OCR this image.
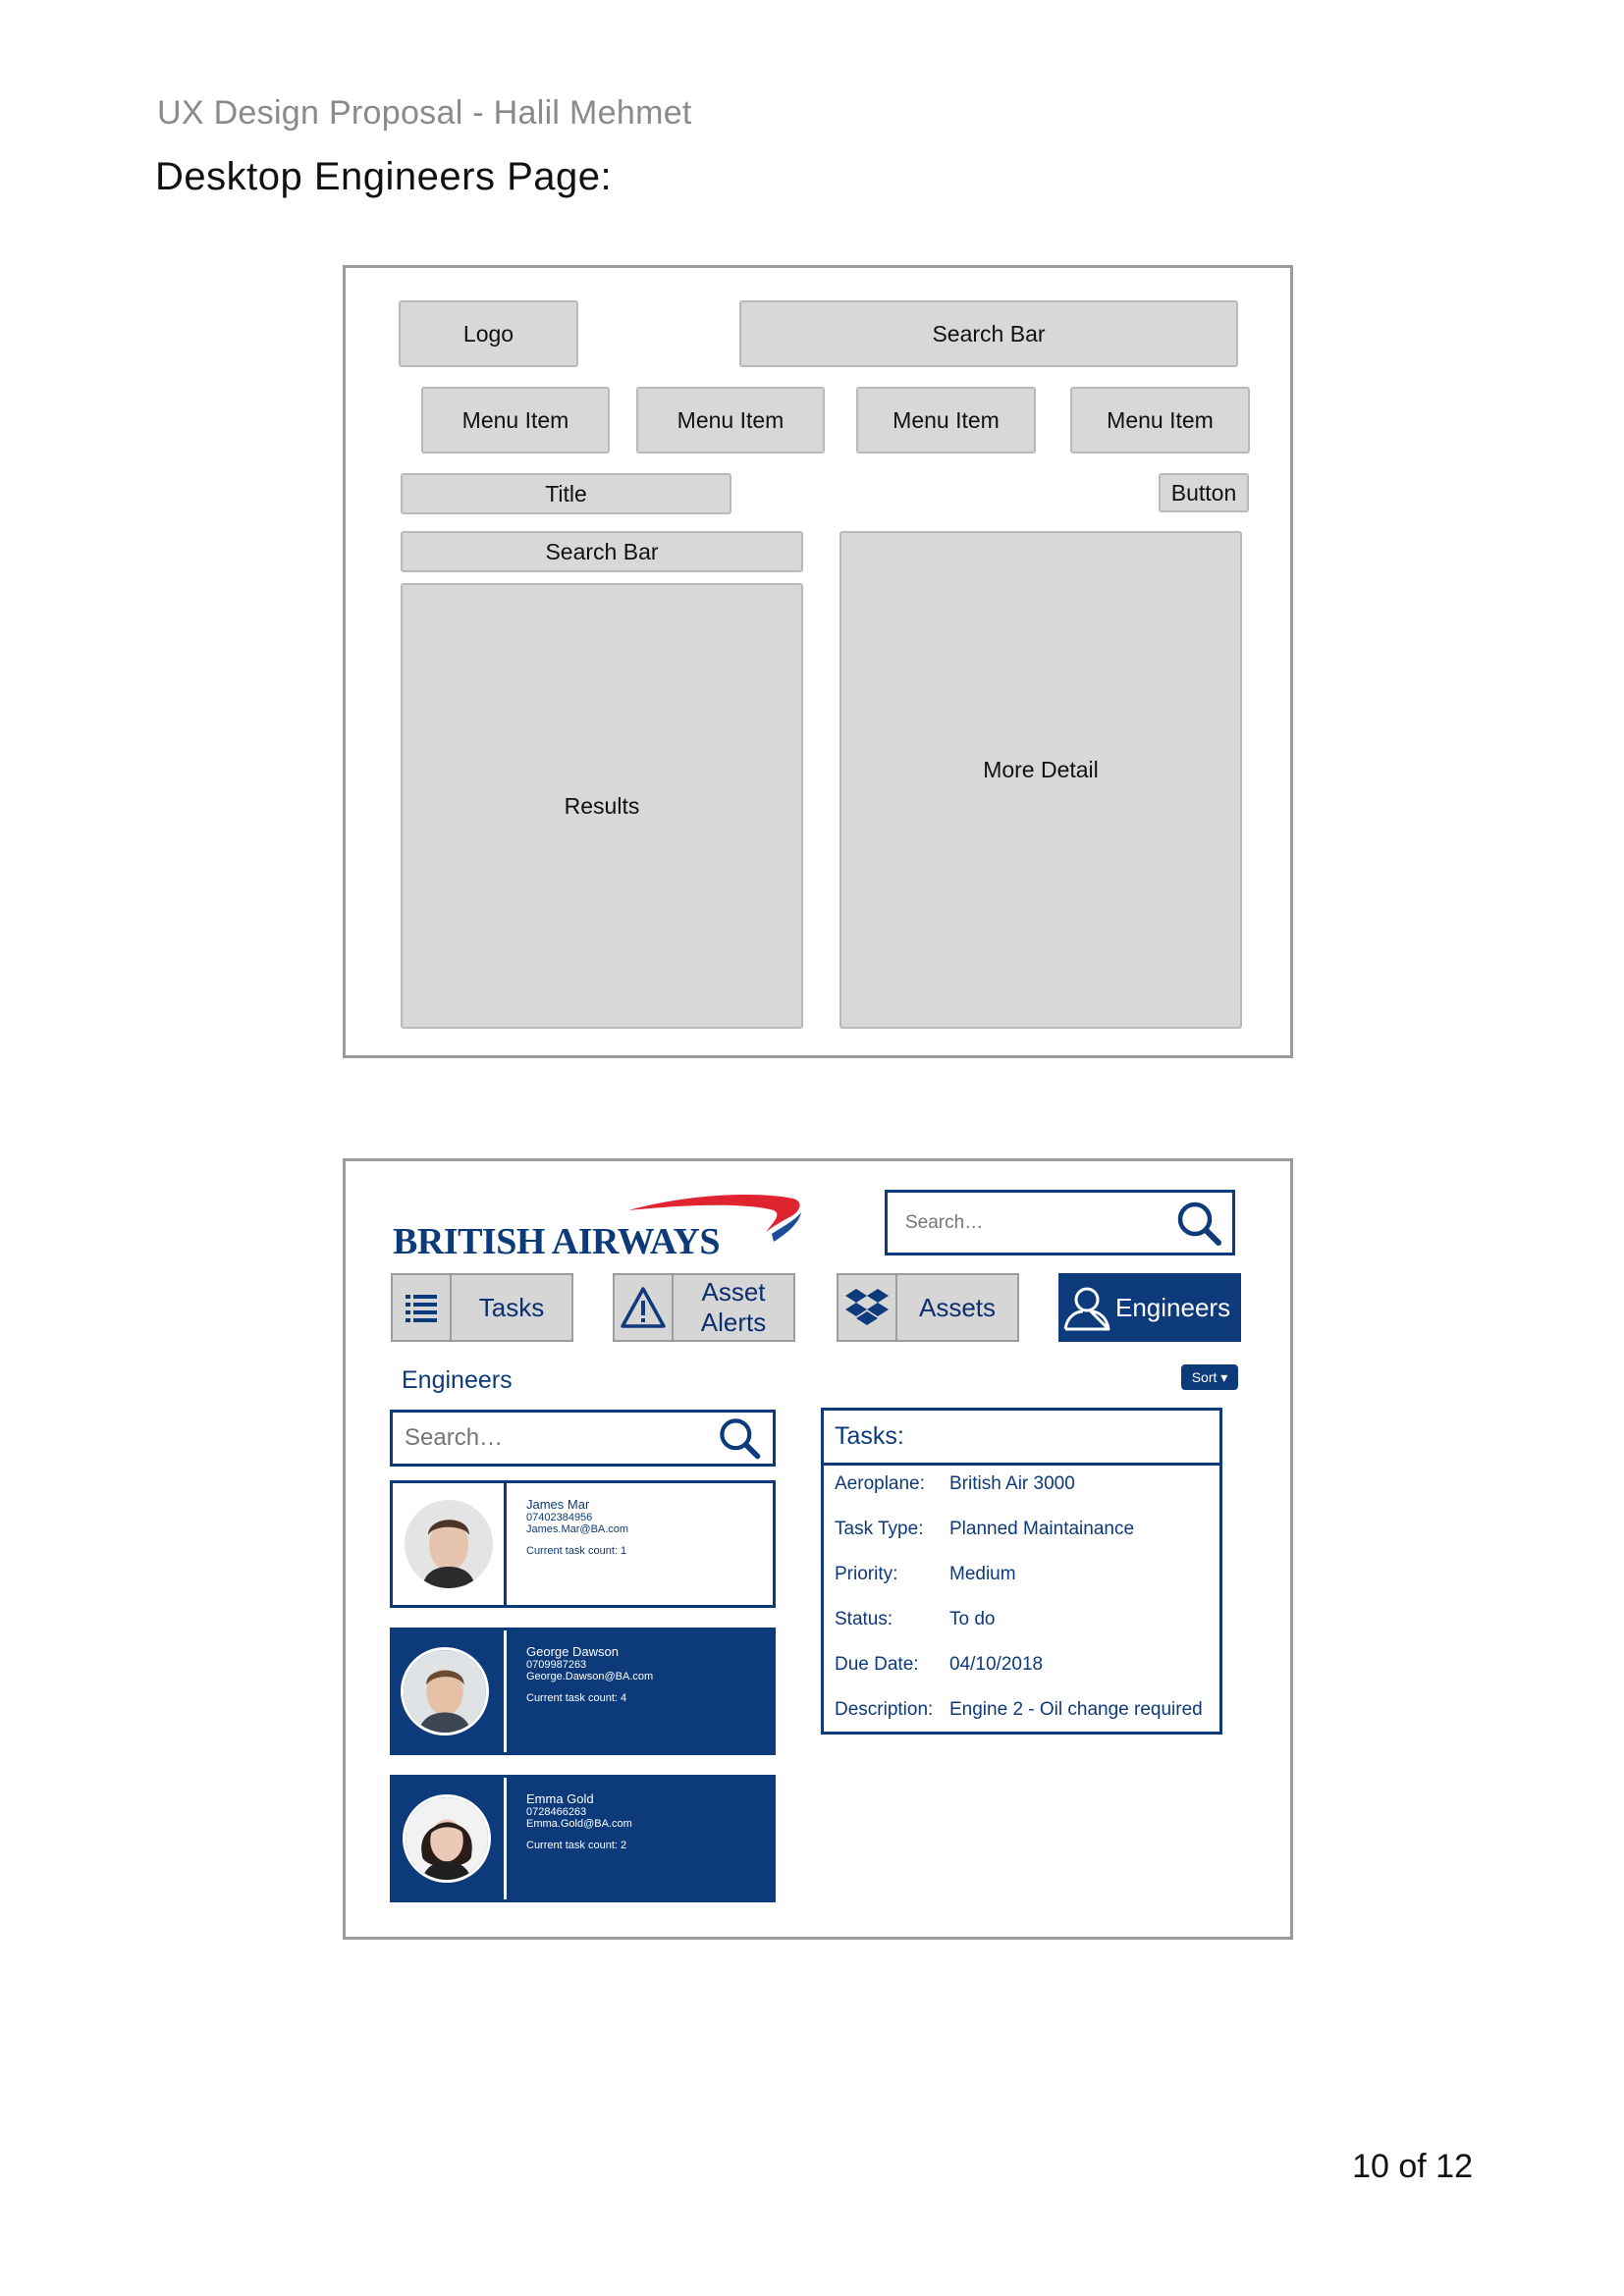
UX Design Proposal - Halil Mehmet
Desktop Engineers Page:
Logo	Search Bar
Menu Item	Menu Item	Menu Item	Menu Item
Title	Button
Search Bar
Results
More Detail
BRITISH AIRWAYS
Search…
Tasks
Asset
Alerts
Assets	Engineers
Engineers	Sort ▾
Search…
James Mar
07402384956
James.Mar@BA.com
Current task count: 1
George Dawson
0709987263
George.Dawson@BA.com
Current task count: 4
Emma Gold
0728466263
Emma.Gold@BA.com
Current task count: 2
Tasks:
Aeroplane: British Air 3000
Task Type: Planned Maintainance
Priority:	Medium
Status:	To do
Due Date: 04/10/2018
Description: Engine 2 - Oil change required
10 of 12
